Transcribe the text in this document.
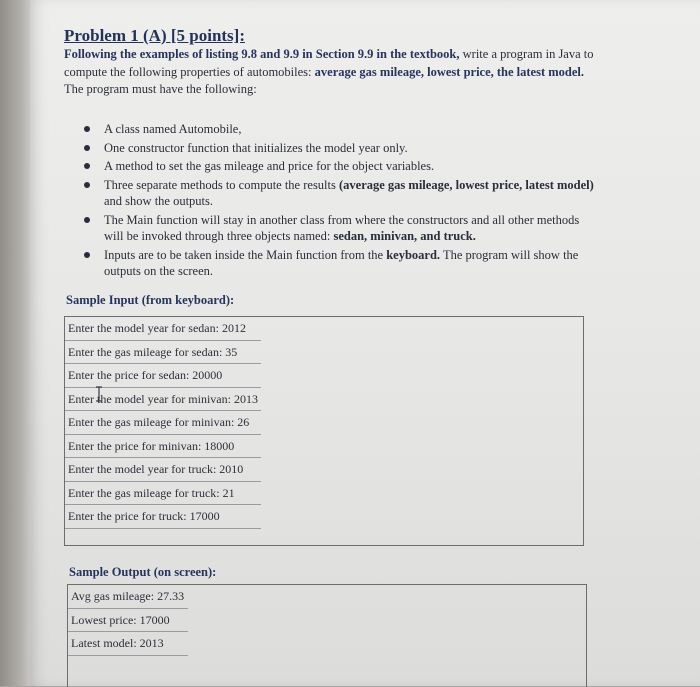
Problem 1 (A) [5 points]:
Following the examples of listing 9.8 and 9.9 in Section 9.9 in the textbook, write a program in Java to compute the following properties of automobiles: average gas mileage, lowest price, the latest model. The program must have the following:
A class named Automobile,
One constructor function that initializes the model year only.
A method to set the gas mileage and price for the object variables.
Three separate methods to compute the results (average gas mileage, lowest price, latest model) and show the outputs.
The Main function will stay in another class from where the constructors and all other methods will be invoked through three objects named: sedan, minivan, and truck.
Inputs are to be taken inside the Main function from the keyboard. The program will show the outputs on the screen.
Sample Input (from keyboard):
Enter the model year for sedan: 2012
Enter the gas mileage for sedan: 35
Enter the price for sedan: 20000
Enter the model year for minivan: 2013
Enter the gas mileage for minivan: 26
Enter the price for minivan: 18000
Enter the model year for truck: 2010
Enter the gas mileage for truck: 21
Enter the price for truck: 17000
Sample Output (on screen):
Avg gas mileage: 27.33
Lowest price: 17000
Latest model: 2013
